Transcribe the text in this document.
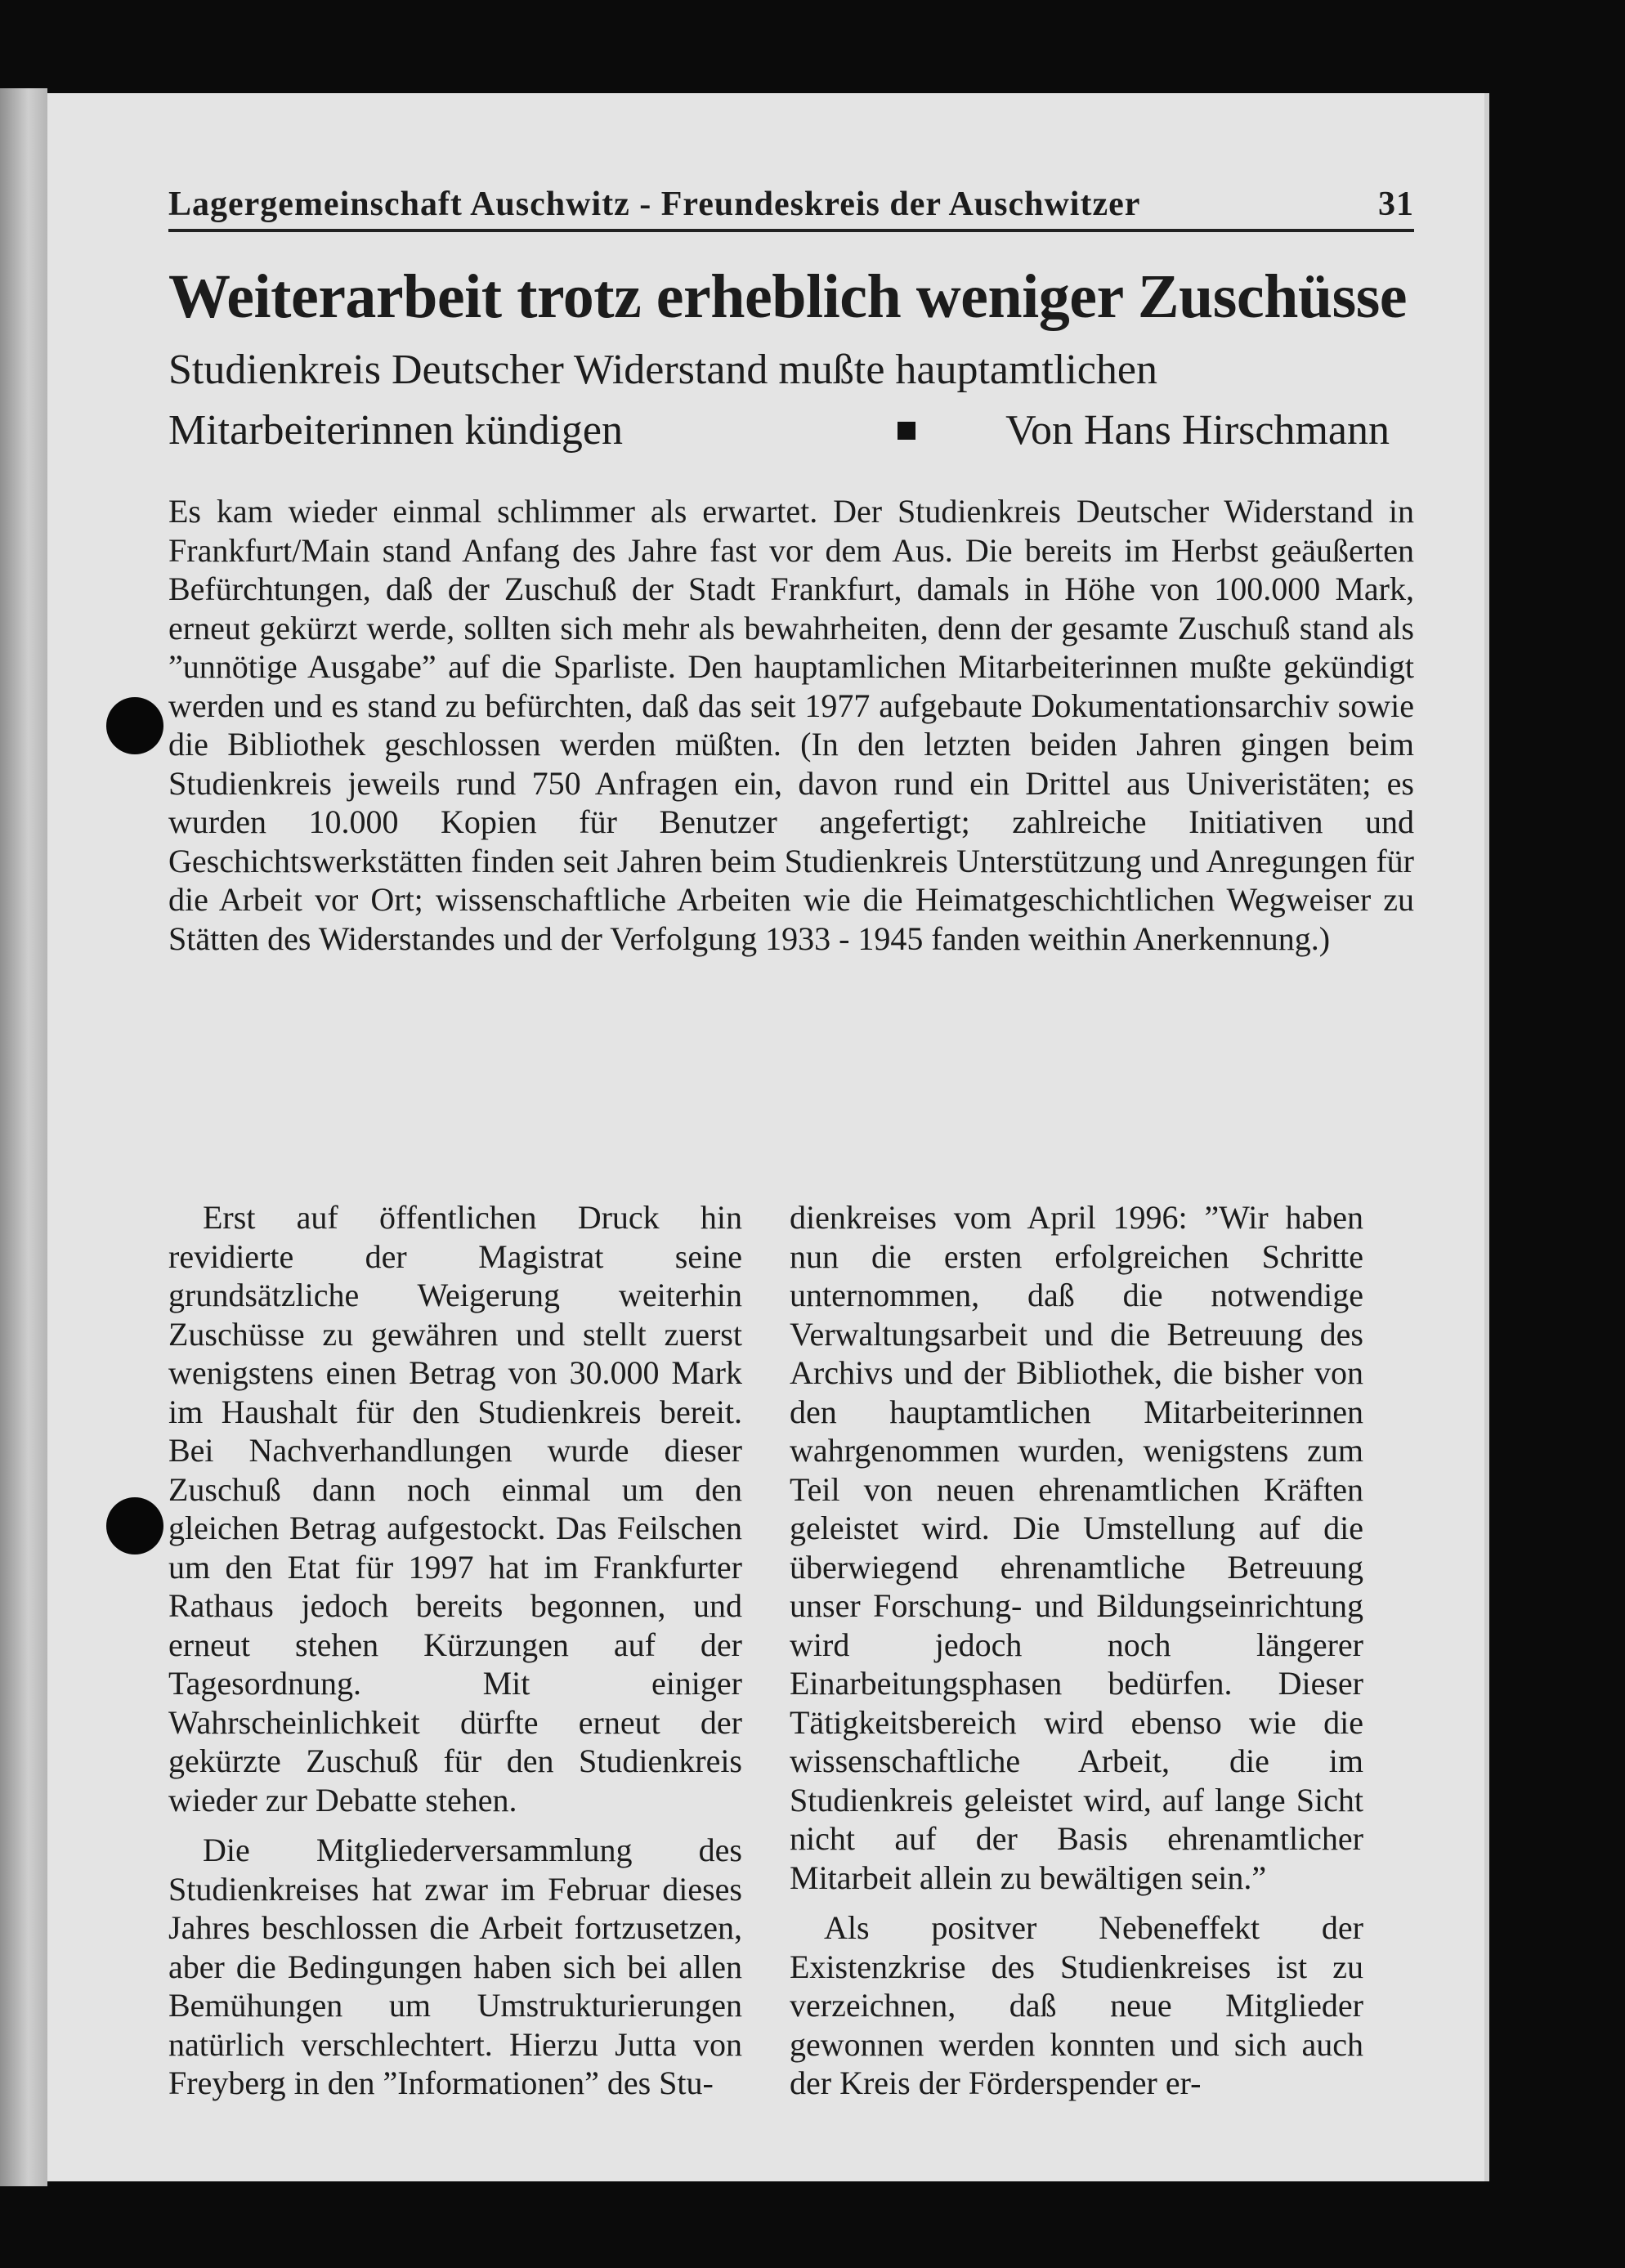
Lagergemeinschaft Auschwitz - Freundeskreis der Auschwitzer	31
Weiterarbeit trotz erheblich weniger Zuschüsse
Studienkreis Deutscher Widerstand mußte hauptamtlichen
Mitarbeiterinnen kündigen	Von Hans Hirschmann
Es kam wieder einmal schlimmer als erwartet. Der Studienkreis Deutscher Widerstand in Frankfurt/Main stand Anfang des Jahre fast vor dem Aus. Die bereits im Herbst geäußerten Befürchtungen, daß der Zuschuß der Stadt Frankfurt, damals in Höhe von 100.000 Mark, erneut gekürzt werde, sollten sich mehr als bewahrheiten, denn der gesamte Zuschuß stand als ”unnötige Ausgabe” auf die Sparliste. Den hauptamlichen Mitarbeiterinnen mußte gekündigt werden und es stand zu befürchten, daß das seit 1977 aufgebaute Dokumentationsarchiv sowie die Bibliothek geschlossen werden müßten. (In den letzten beiden Jahren gingen beim Studienkreis jeweils rund 750 Anfragen ein, davon rund ein Drittel aus Univeristäten; es wurden 10.000 Kopien für Benutzer angefertigt; zahlreiche Initiativen und Geschichtswerkstätten finden seit Jahren beim Studienkreis Unterstützung und Anregungen für die Arbeit vor Ort; wissenschaftliche Arbeiten wie die Heimatgeschichtlichen Wegweiser zu Stätten des Widerstandes und der Verfolgung 1933 - 1945 fanden weithin Anerkennung.)

Erst auf öffentlichen Druck hin revidierte der Magistrat seine grundsätzliche Weigerung weiterhin Zuschüsse zu gewähren und stellt zuerst wenigstens einen Betrag von 30.000 Mark im Haushalt für den Studienkreis bereit. Bei Nachverhandlungen wurde dieser Zuschuß dann noch einmal um den gleichen Betrag aufgestockt. Das Feilschen um den Etat für 1997 hat im Frankfurter Rathaus jedoch bereits begonnen, und erneut stehen Kürzungen auf der Tagesordnung. Mit einiger Wahrscheinlichkeit dürfte erneut der gekürzte Zuschuß für den Studienkreis wieder zur Debatte stehen.

Die Mitgliederversammlung des Studienkreises hat zwar im Februar dieses Jahres beschlossen die Arbeit fortzusetzen, aber die Bedingungen haben sich bei allen Bemühungen um Umstrukturierungen natürlich verschlechtert. Hierzu Jutta von Freyberg in den ”Informationen” des Stu-

dienkreises vom April 1996: ”Wir haben nun die ersten erfolgreichen Schritte unternommen, daß die notwendige Verwaltungsarbeit und die Betreuung des Archivs und der Bibliothek, die bisher von den hauptamtlichen Mitarbeiterinnen wahrgenommen wurden, wenigstens zum Teil von neuen ehrenamtlichen Kräften geleistet wird. Die Umstellung auf die überwiegend ehrenamtliche Betreuung unser Forschung- und Bildungseinrichtung wird jedoch noch längerer Einarbeitungsphasen bedürfen. Dieser Tätigkeitsbereich wird ebenso wie die wissenschaftliche Arbeit, die im Studienkreis geleistet wird, auf lange Sicht nicht auf der Basis ehrenamtlicher Mitarbeit allein zu bewältigen sein.”

Als positver Nebeneffekt der Existenzkrise des Studienkreises ist zu verzeichnen, daß neue Mitglieder gewonnen werden konnten und sich auch der Kreis der Förderspender er-
